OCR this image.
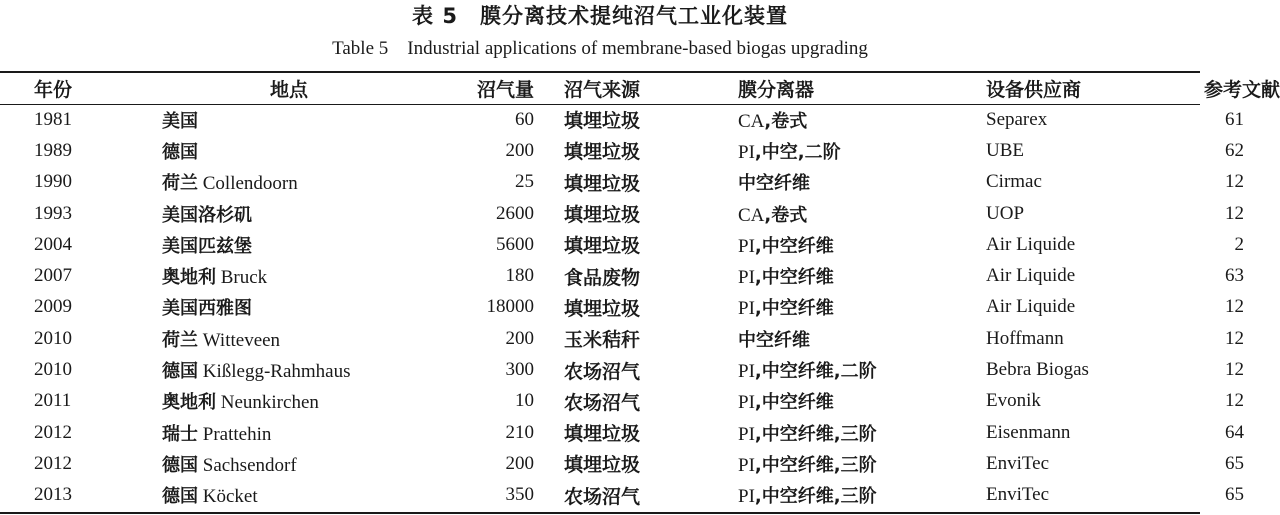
表 5　膜分离技术提纯沼气工业化装置
Table 5　Industrial applications of membrane-based biogas upgrading
年份	地点	沼气量	沼气来源	膜分离器	设备供应商	参考文献
1981	美国	60	填埋垃圾	CA,卷式	Separex	61
1989	德国	200	填埋垃圾	PI,中空,二阶	UBE	62
1990	荷兰 Collendoorn	25	填埋垃圾	中空纤维	Cirmac	12
1993	美国洛杉矶	2600	填埋垃圾	CA,卷式	UOP	12
2004	美国匹兹堡	5600	填埋垃圾	PI,中空纤维	Air Liquide	2
2007	奥地利 Bruck	180	食品废物	PI,中空纤维	Air Liquide	63
2009	美国西雅图	18000	填埋垃圾	PI,中空纤维	Air Liquide	12
2010	荷兰 Witteveen	200	玉米秸秆	中空纤维	Hoffmann	12
2010	德国 Kißlegg-Rahmhaus	300	农场沼气	PI,中空纤维,二阶	Bebra Biogas	12
2011	奥地利 Neunkirchen	10	农场沼气	PI,中空纤维	Evonik	12
2012	瑞士 Prattehin	210	填埋垃圾	PI,中空纤维,三阶	Eisenmann	64
2012	德国 Sachsendorf	200	填埋垃圾	PI,中空纤维,三阶	EnviTec	65
2013	德国 Köcket	350	农场沼气	PI,中空纤维,三阶	EnviTec	65
